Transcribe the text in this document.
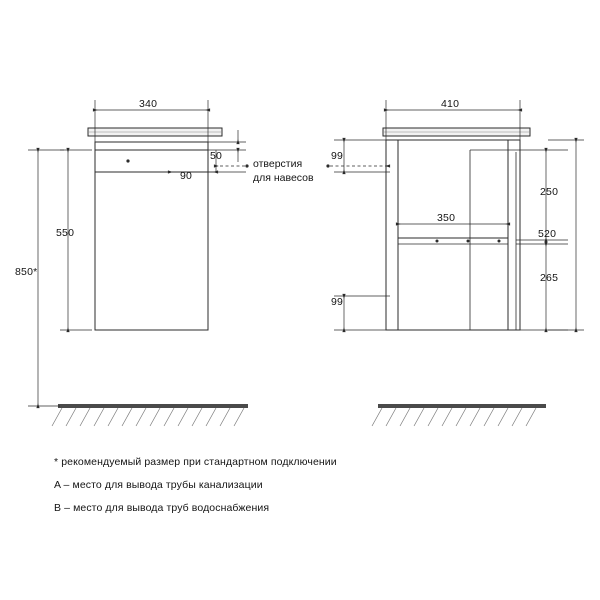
340
50
90
550
850*
410
99
99
350
250
265
520
отверстия
для навесов
* рекомендуемый размер при стандартном подключении
A – место для вывода трубы канализации
B – место для вывода труб водоснабжения
